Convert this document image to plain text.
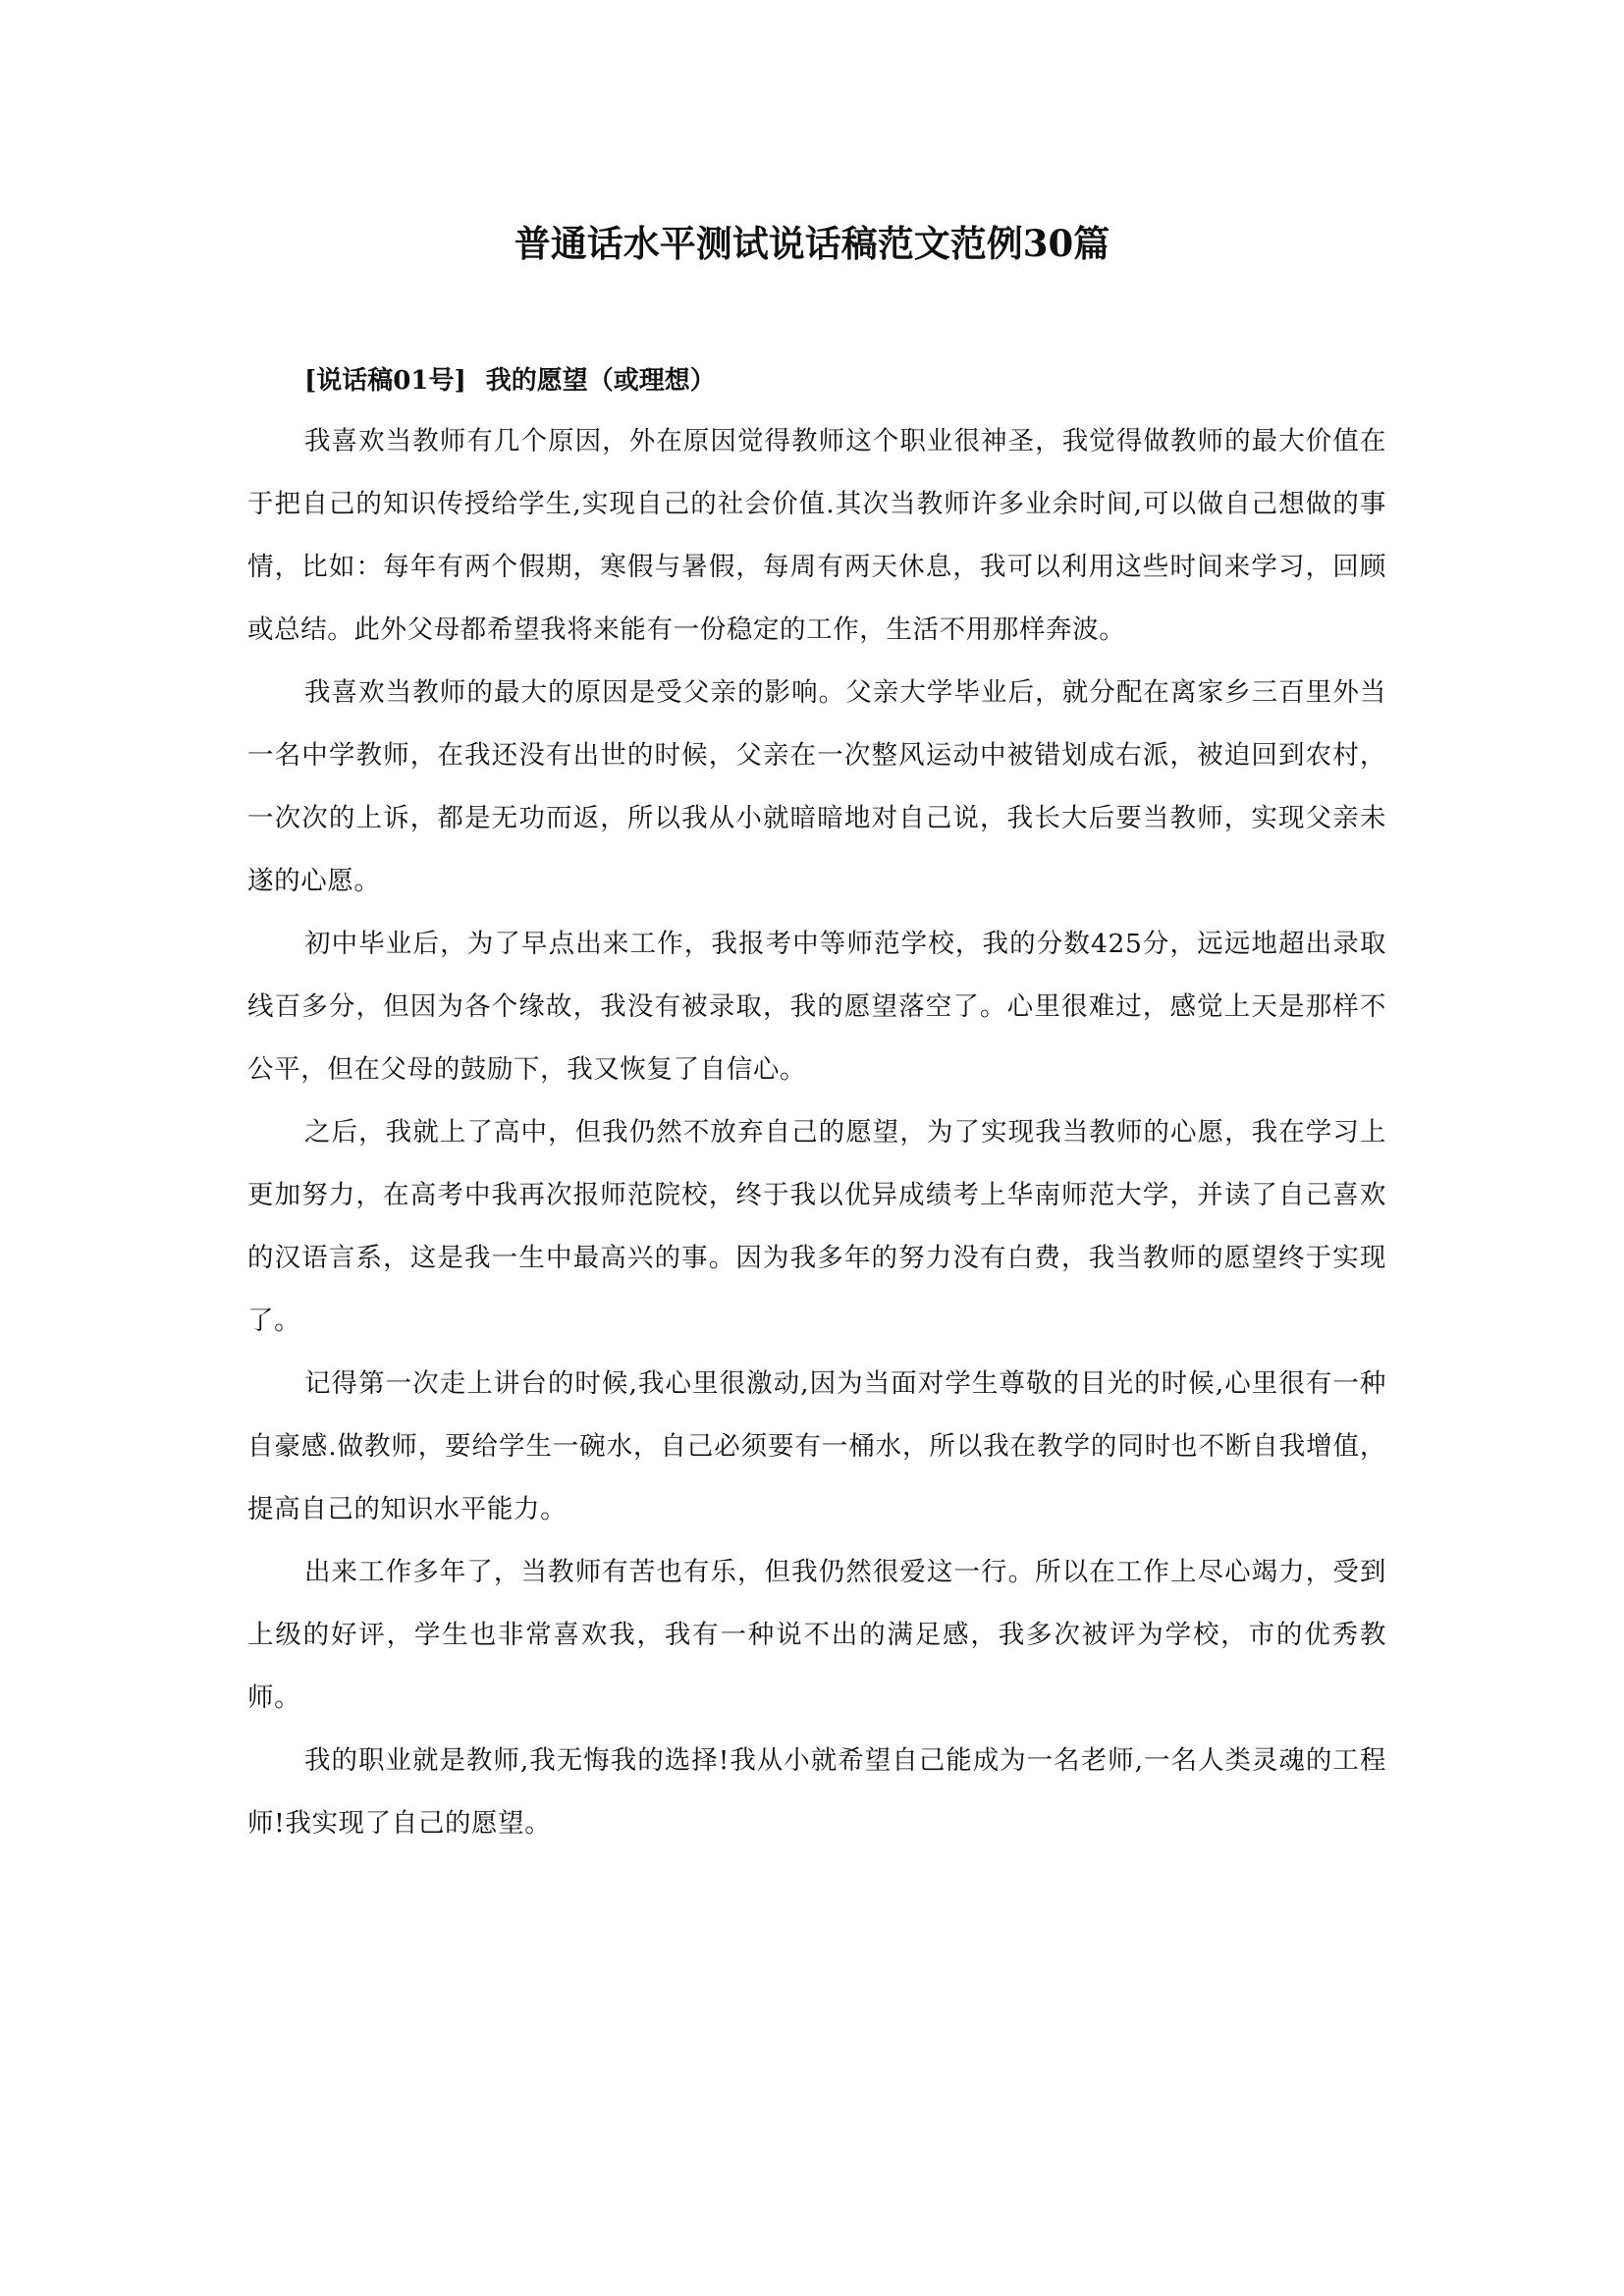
普通话水平测试说话稿范文范例30篇
[说话稿01号] 我的愿望（或理想）

我喜欢当教师有几个原因，外在原因觉得教师这个职业很神圣，我觉得做教师的最大价值在于把自己的知识传授给学生,实现自己的社会价值.其次当教师许多业余时间,可以做自己想做的事情，比如：每年有两个假期，寒假与暑假，每周有两天休息，我可以利用这些时间来学习，回顾或总结。此外父母都希望我将来能有一份稳定的工作，生活不用那样奔波。

我喜欢当教师的最大的原因是受父亲的影响。父亲大学毕业后，就分配在离家乡三百里外当一名中学教师，在我还没有出世的时候，父亲在一次整风运动中被错划成右派，被迫回到农村，一次次的上诉，都是无功而返，所以我从小就暗暗地对自己说，我长大后要当教师，实现父亲未遂的心愿。

初中毕业后，为了早点出来工作，我报考中等师范学校，我的分数425分，远远地超出录取线百多分，但因为各个缘故，我没有被录取，我的愿望落空了。心里很难过，感觉上天是那样不公平，但在父母的鼓励下，我又恢复了自信心。

之后，我就上了高中，但我仍然不放弃自己的愿望，为了实现我当教师的心愿，我在学习上更加努力，在高考中我再次报师范院校，终于我以优异成绩考上华南师范大学，并读了自己喜欢的汉语言系，这是我一生中最高兴的事。因为我多年的努力没有白费，我当教师的愿望终于实现了。

记得第一次走上讲台的时候,我心里很激动,因为当面对学生尊敬的目光的时候,心里很有一种自豪感.做教师，要给学生一碗水，自己必须要有一桶水，所以我在教学的同时也不断自我增值，提高自己的知识水平能力。

出来工作多年了，当教师有苦也有乐，但我仍然很爱这一行。所以在工作上尽心竭力，受到上级的好评，学生也非常喜欢我，我有一种说不出的满足感，我多次被评为学校，市的优秀教师。

我的职业就是教师,我无悔我的选择!我从小就希望自己能成为一名老师,一名人类灵魂的工程师!我实现了自己的愿望。
